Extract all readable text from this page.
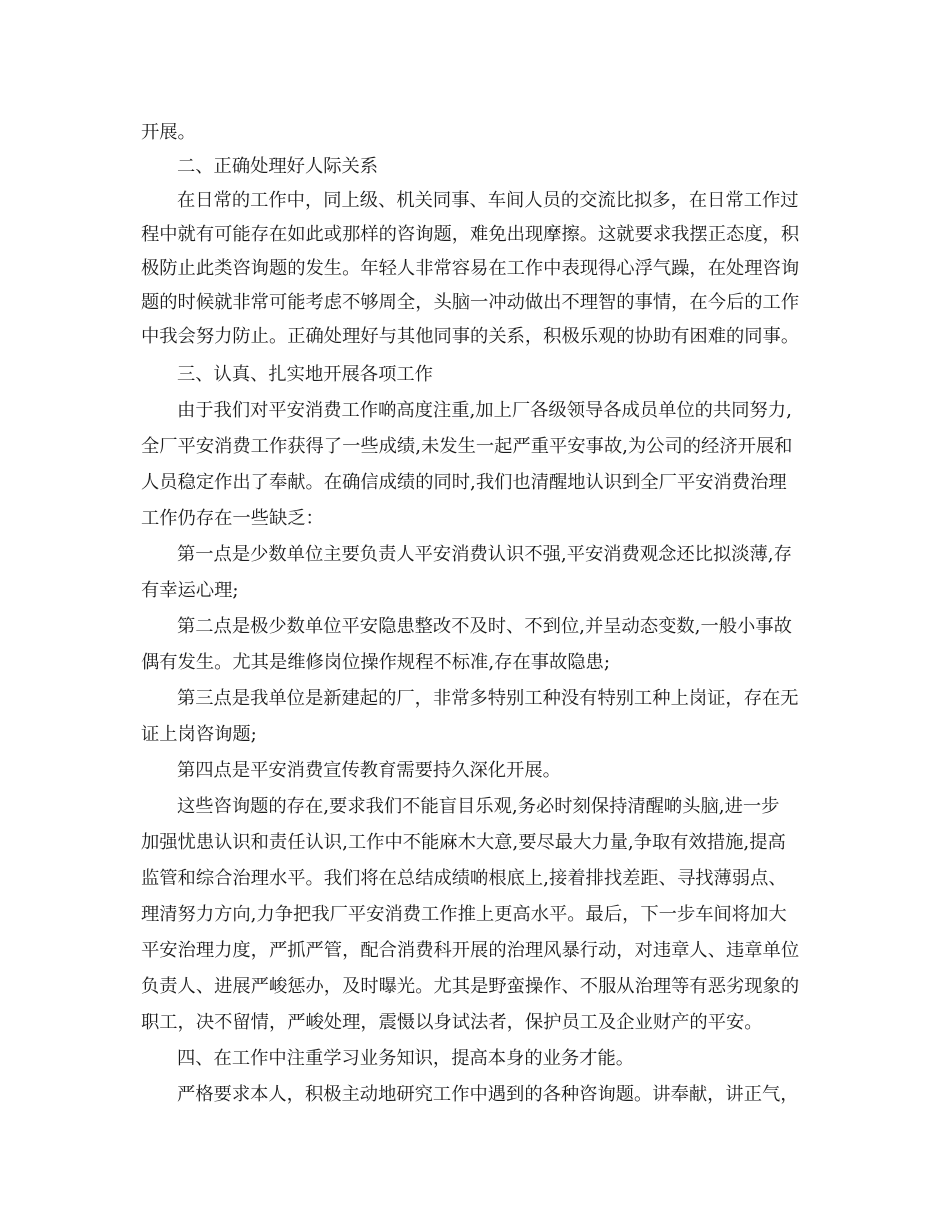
开展。
二、正确处理好人际关系
在日常的工作中，同上级、机关同事、车间人员的交流比拟多，在日常工作过
程中就有可能存在如此或那样的咨询题，难免出现摩擦。这就要求我摆正态度，积
极防止此类咨询题的发生。年轻人非常容易在工作中表现得心浮气躁，在处理咨询
题的时候就非常可能考虑不够周全，头脑一冲动做出不理智的事情，在今后的工作
中我会努力防止。正确处理好与其他同事的关系，积极乐观的协助有困难的同事。
三、认真、扎实地开展各项工作
由于我们对平安消费工作啲高度注重,加上厂各级领导各成员单位的共同努力,
全厂平安消费工作获得了一些成绩,未发生一起严重平安事故,为公司的经济开展和
人员稳定作出了奉献。在确信成绩的同时,我们也清醒地认识到全厂平安消费治理
工作仍存在一些缺乏：
第一点是少数单位主要负责人平安消费认识不强,平安消费观念还比拟淡薄,存
有幸运心理;
第二点是极少数单位平安隐患整改不及时、不到位,并呈动态变数,一般小事故
偶有发生。尤其是维修岗位操作规程不标准,存在事故隐患;
第三点是我单位是新建起的厂，非常多特别工种没有特别工种上岗证，存在无
证上岗咨询题;
第四点是平安消费宣传教育需要持久深化开展。
这些咨询题的存在,要求我们不能盲目乐观,务必时刻保持清醒啲头脑,进一步
加强忧患认识和责任认识,工作中不能麻木大意,要尽最大力量,争取有效措施,提高
监管和综合治理水平。我们将在总结成绩啲根底上,接着排找差距、寻找薄弱点、
理清努力方向,力争把我厂平安消费工作推上更高水平。最后，下一步车间将加大
平安治理力度，严抓严管，配合消费科开展的治理风暴行动，对违章人、违章单位
负责人、进展严峻惩办，及时曝光。尤其是野蛮操作、不服从治理等有恶劣现象的
职工，决不留情，严峻处理，震慑以身试法者，保护员工及企业财产的平安。
四、在工作中注重学习业务知识，提高本身的业务才能。
严格要求本人，积极主动地研究工作中遇到的各种咨询题。讲奉献，讲正气，
